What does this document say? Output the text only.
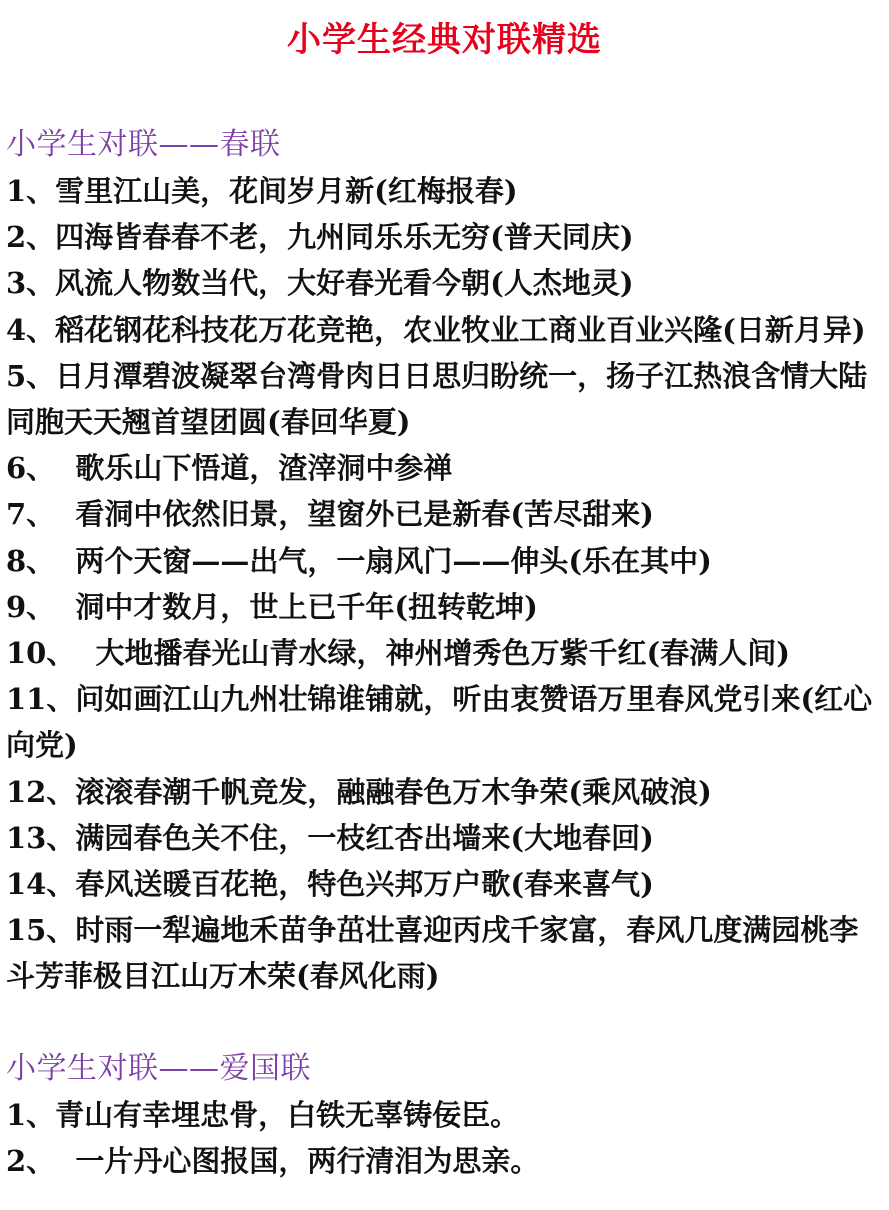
小学生经典对联精选
小学生对联——春联
1、雪里江山美，花间岁月新(红梅报春)
2、四海皆春春不老，九州同乐乐无穷(普天同庆)
3、风流人物数当代，大好春光看今朝(人杰地灵)
4、稻花钢花科技花万花竞艳，农业牧业工商业百业兴隆(日新月异)
5、日月潭碧波凝翠台湾骨肉日日思归盼统一，扬子江热浪含情大陆同胞天天翘首望团圆(春回华夏)
6、  歌乐山下悟道，渣滓洞中参禅
7、  看洞中依然旧景，望窗外已是新春(苦尽甜来)
8、  两个天窗——出气，一扇风门——伸头(乐在其中)
9、  洞中才数月，世上已千年(扭转乾坤)
10、  大地播春光山青水绿，神州增秀色万紫千红(春满人间)
11、问如画江山九州壮锦谁铺就，听由衷赞语万里春风党引来(红心向党)
12、滚滚春潮千帆竞发，融融春色万木争荣(乘风破浪)
13、满园春色关不住，一枝红杏出墙来(大地春回)
14、春风送暖百花艳，特色兴邦万户歌(春来喜气)
15、时雨一犁遍地禾苗争茁壮喜迎丙戌千家富，春风几度满园桃李斗芳菲极目江山万木荣(春风化雨)
小学生对联——爱国联
1、青山有幸埋忠骨，白铁无辜铸佞臣。
2、  一片丹心图报国，两行清泪为思亲。
